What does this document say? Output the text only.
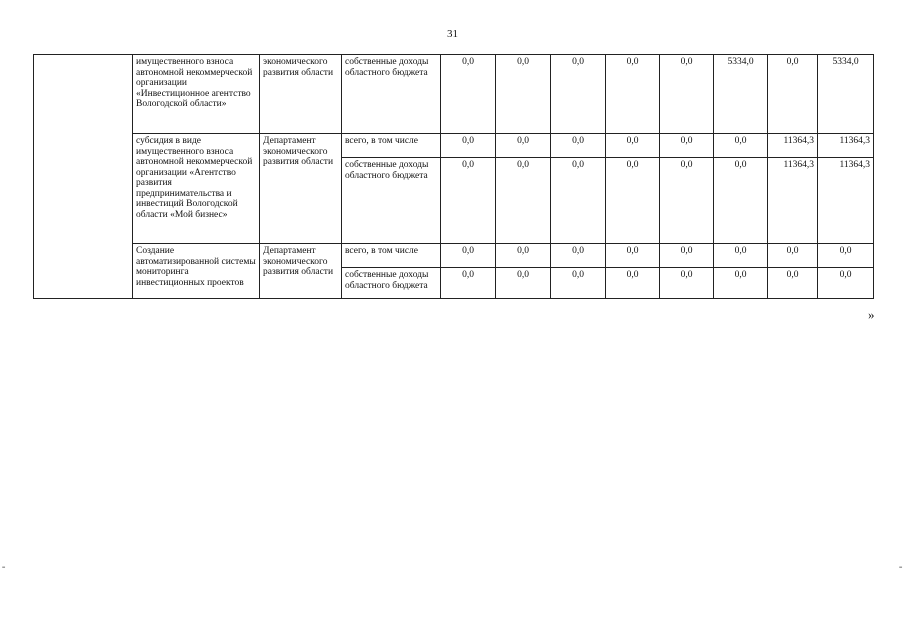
31
	имущественного взноса автономной некоммерческой организации «Инвестиционное агентство Вологодской области»	экономического развития области	собственные доходы областного бюджета	0,0	0,0	0,0	0,0	0,0	5334,0	0,0	5334,0
	субсидия в виде имущественного взноса автономной некоммерческой организации «Агентство развития предпринимательства и инвестиций Вологодской области «Мой бизнес»	Департамент экономического развития области	всего, в том числе	0,0	0,0	0,0	0,0	0,0	0,0	11364,3	11364,3
			собственные доходы областного бюджета	0,0	0,0	0,0	0,0	0,0	0,0	11364,3	11364,3
	Создание автоматизированной системы мониторинга инвестиционных проектов	Департамент экономического развития области	всего, в том числе	0,0	0,0	0,0	0,0	0,0	0,0	0,0	0,0
			собственные доходы областного бюджета	0,0	0,0	0,0	0,0	0,0	0,0	0,0	0,0
»
≡	≡
